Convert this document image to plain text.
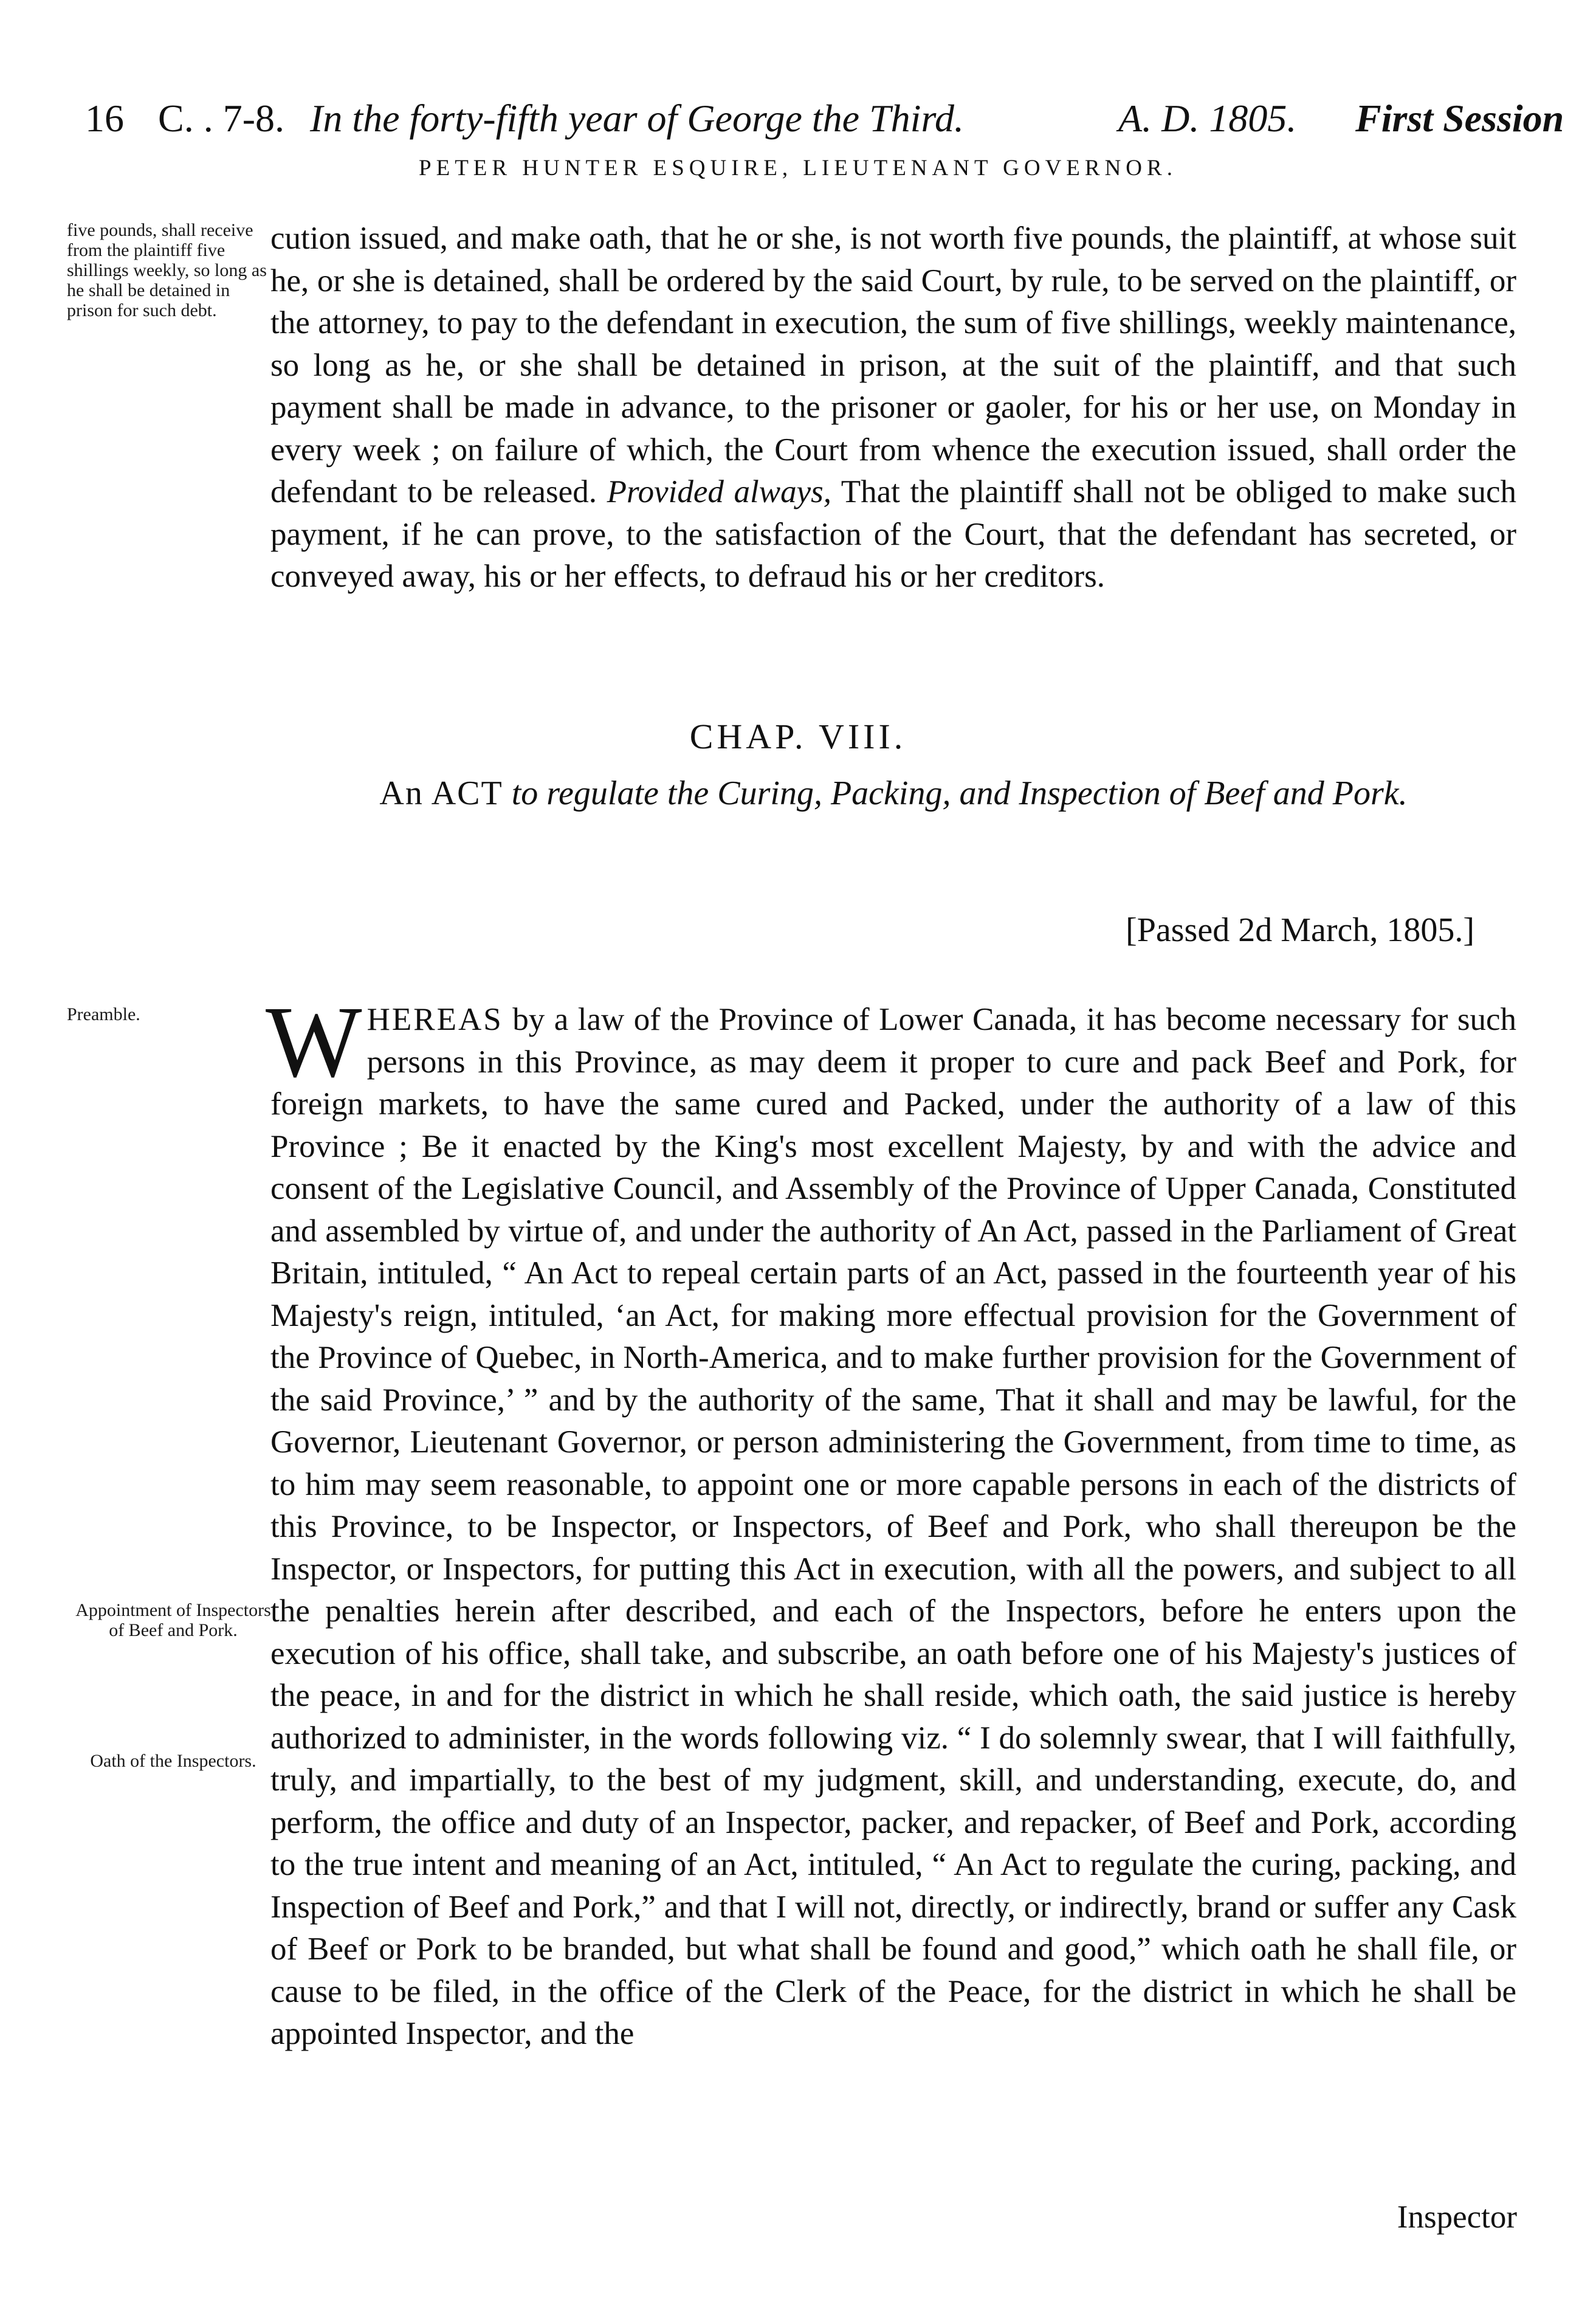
16 C. . 7-8. In the forty-fifth year of George the Third.	A. D. 1805. First Session
PETER HUNTER ESQUIRE, LIEUTENANT GOVERNOR.
five pounds, shall receive from the plaintiff five shillings weekly, so long as he shall be detained in prison for such debt.

cution issued, and make oath, that he or she, is not worth five pounds, the plaintiff, at whose suit he, or she is detained, shall be ordered by the said Court, by rule, to be served on the plaintiff, or the attorney, to pay to the defendant in execution, the sum of five shillings, weekly maintenance, so long as he, or she shall be detained in prison, at the suit of the plaintiff, and that such payment shall be made in advance, to the prisoner or gaoler, for his or her use, on Monday in every week ; on failure of which, the Court from whence the execution issued, shall order the defendant to be released. Provided always, That the plaintiff shall not be obliged to make such payment, if he can prove, to the satisfaction of the Court, that the defendant has secreted, or conveyed away, his or her effects, to defraud his or her creditors.

CHAP. VIII.
An ACT to regulate the Curing, Packing, and Inspection of Beef and Pork.
[Passed 2d March, 1805.]
Preamble.
Appointment of Inspectors of Beef and Pork.
Oath of the Inspectors.

WHEREAS by a law of the Province of Lower Canada, it has become necessary for such persons in this Province, as may deem it proper to cure and pack Beef and Pork, for foreign markets, to have the same cured and Packed, under the authority of a law of this Province ; Be it enacted by the King's most excellent Majesty, by and with the advice and consent of the Legislative Council, and Assembly of the Province of Upper Canada, Constituted and assembled by virtue of, and under the authority of An Act, passed in the Parliament of Great Britain, intituled, “ An Act to repeal certain parts of an Act, passed in the fourteenth year of his Majesty's reign, intituled, ‘an Act, for making more effectual provision for the Government of the Province of Quebec, in North-America, and to make further provision for the Government of the said Province,’ ” and by the authority of the same, That it shall and may be lawful, for the Governor, Lieutenant Governor, or person administering the Government, from time to time, as to him may seem reasonable, to appoint one or more capable persons in each of the districts of this Province, to be Inspector, or Inspectors, of Beef and Pork, who shall thereupon be the Inspector, or Inspectors, for putting this Act in execution, with all the powers, and subject to all the penalties herein after described, and each of the Inspectors, before he enters upon the execution of his office, shall take, and subscribe, an oath before one of his Majesty's justices of the peace, in and for the district in which he shall reside, which oath, the said justice is hereby authorized to administer, in the words following viz. “ I do solemnly swear, that I will faithfully, truly, and impartially, to the best of my judgment, skill, and understanding, execute, do, and perform, the office and duty of an Inspector, packer, and repacker, of Beef and Pork, according to the true intent and meaning of an Act, intituled, “ An Act to regulate the curing, packing, and Inspection of Beef and Pork,” and that I will not, directly, or indirectly, brand or suffer any Cask of Beef or Pork to be branded, but what shall be found and good,” which oath he shall file, or cause to be filed, in the office of the Clerk of the Peace, for the district in which he shall be appointed Inspector, and the

Inspector
